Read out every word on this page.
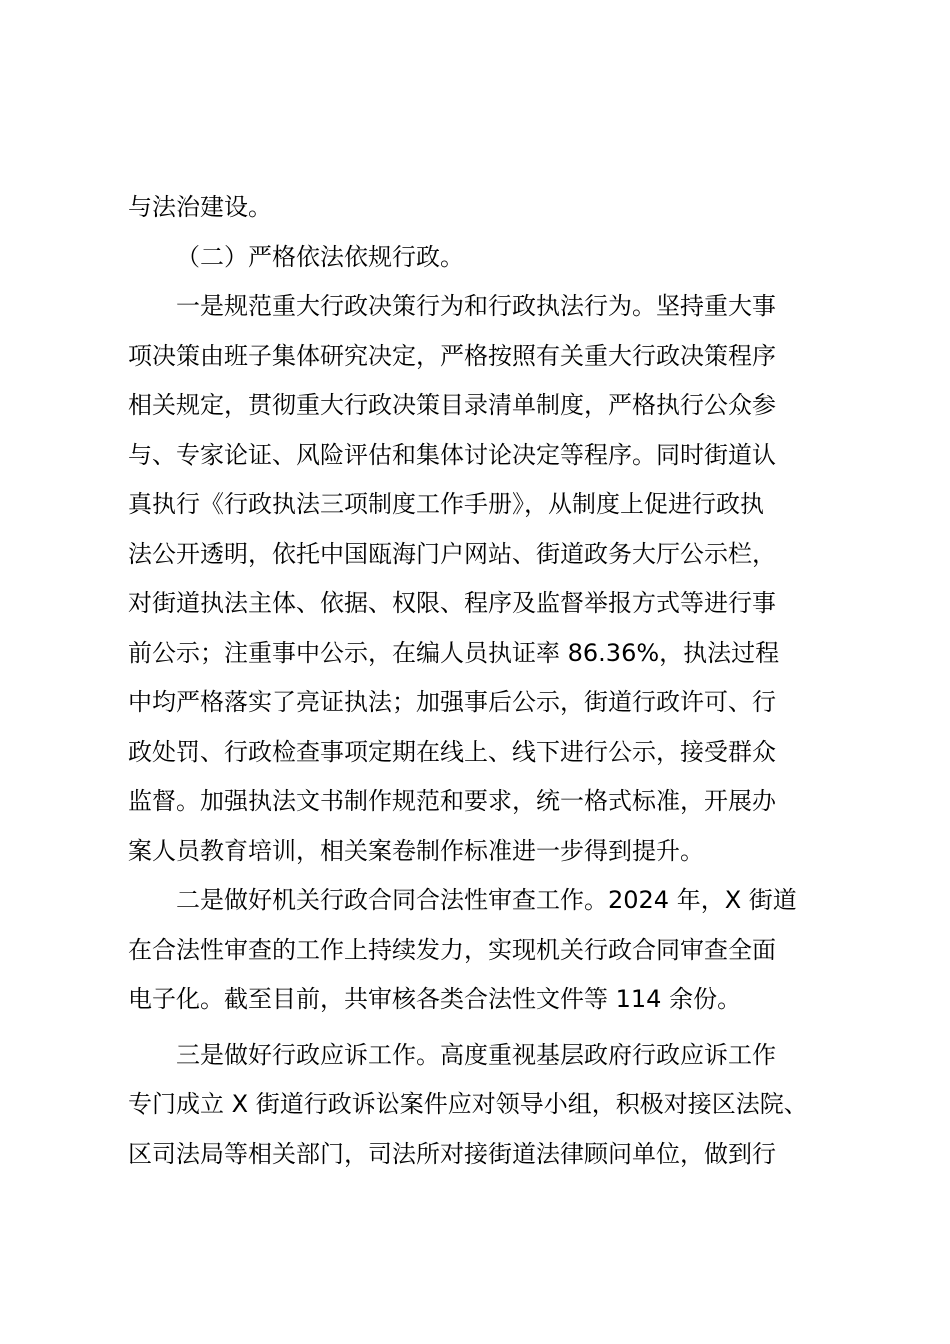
与法治建设。
（二）严格依法依规行政。
一是规范重大行政决策行为和行政执法行为。坚持重大事
项决策由班子集体研究决定，严格按照有关重大行政决策程序
相关规定，贯彻重大行政决策目录清单制度，严格执行公众参
与、专家论证、风险评估和集体讨论决定等程序。同时街道认
真执行《行政执法三项制度工作手册》，从制度上促进行政执
法公开透明，依托中国瓯海门户网站、街道政务大厅公示栏，
对街道执法主体、依据、权限、程序及监督举报方式等进行事
前公示；注重事中公示，在编人员执证率 86.36%，执法过程
中均严格落实了亮证执法；加强事后公示，街道行政许可、行
政处罚、行政检查事项定期在线上、线下进行公示，接受群众
监督。加强执法文书制作规范和要求，统一格式标准，开展办
案人员教育培训，相关案卷制作标准进一步得到提升。
二是做好机关行政合同合法性审查工作。2024 年，X 街道
在合法性审查的工作上持续发力，实现机关行政合同审查全面
电子化。截至目前，共审核各类合法性文件等 114 余份。
三是做好行政应诉工作。高度重视基层政府行政应诉工作
专门成立 X 街道行政诉讼案件应对领导小组，积极对接区法院、
区司法局等相关部门，司法所对接街道法律顾问单位，做到行
